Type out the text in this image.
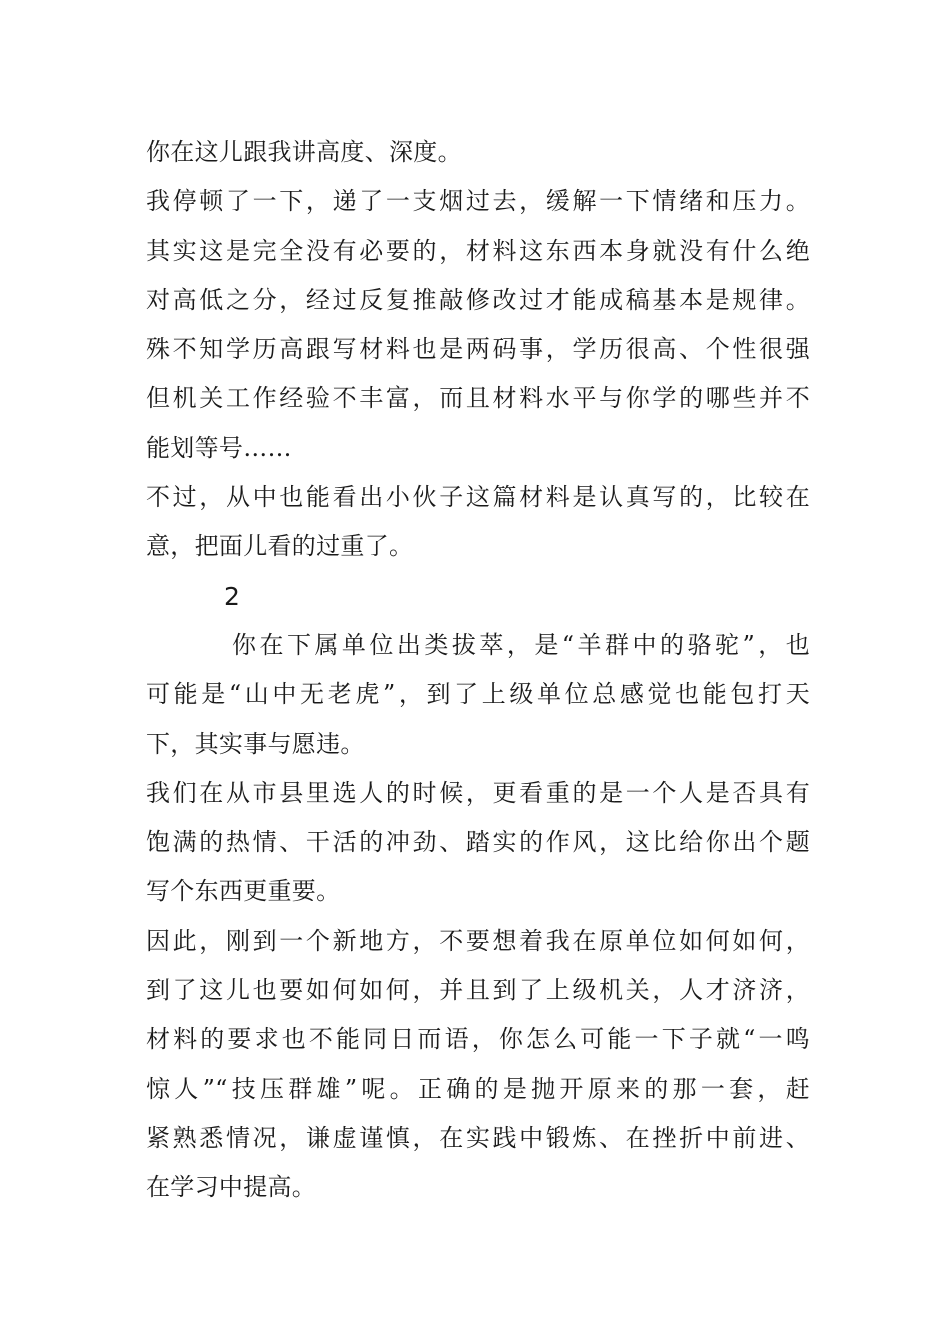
你在这儿跟我讲高度、深度。
我停顿了一下，递了一支烟过去，缓解一下情绪和压力。
其实这是完全没有必要的，材料这东西本身就没有什么绝
对高低之分，经过反复推敲修改过才能成稿基本是规律。
殊不知学历高跟写材料也是两码事，学历很高、个性很强
但机关工作经验不丰富，而且材料水平与你学的哪些并不
能划等号……
不过，从中也能看出小伙子这篇材料是认真写的，比较在
意，把面儿看的过重了。
2
你在下属单位出类拔萃，是“羊群中的骆驼”，也
可能是“山中无老虎”，到了上级单位总感觉也能包打天
下，其实事与愿违。
我们在从市县里选人的时候，更看重的是一个人是否具有
饱满的热情、干活的冲劲、踏实的作风，这比给你出个题
写个东西更重要。
因此，刚到一个新地方，不要想着我在原单位如何如何，
到了这儿也要如何如何，并且到了上级机关，人才济济，
材料的要求也不能同日而语，你怎么可能一下子就“一鸣
惊人”“技压群雄”呢。正确的是抛开原来的那一套，赶
紧熟悉情况，谦虚谨慎，在实践中锻炼、在挫折中前进、
在学习中提高。
